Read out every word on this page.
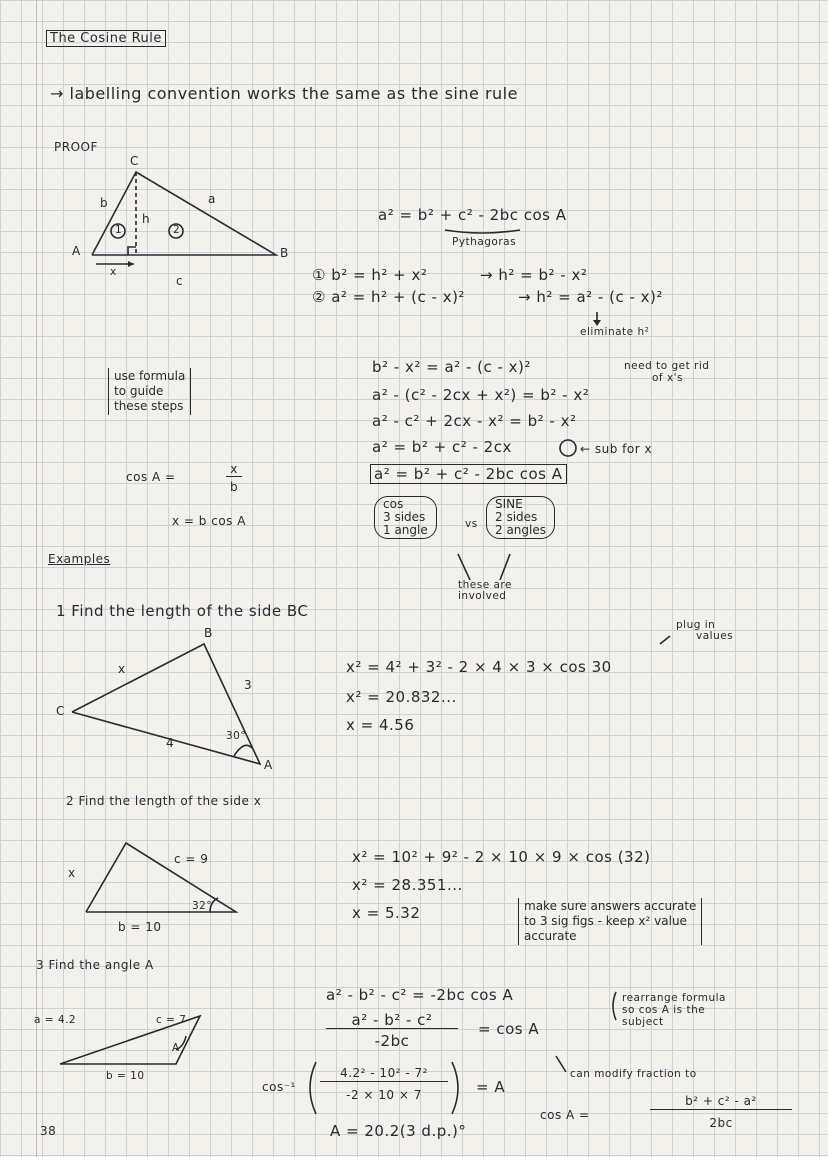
The Cosine Rule
→ labelling convention works the same as the sine rule
PROOF
C
A	B
b	a
c
h
1	2
x
a² = b² + c² - 2bc cos A
Pythagoras
① b² = h² + x²	→ h² = b² - x²
② a² = h² + (c - x)²	→ h² = a² - (c - x)²
eliminate h²
b² - x² = a² - (c - x)²	need to get rid
of x's
a² - (c² - 2cx + x²) = b² - x²
a² - c² + 2cx - x² = b² - x²
a² = b² + c² - 2cx	← sub for x
a² = b² + c² - 2bc cos A
use formula
to guide
these steps
cos A =
x
b
x = b cos A
cos
3 sides
1 angle	vs
SINE
2 sides
2 angles
these are
involved
Examples
1 Find the length of the side BC
B
C
A
3
4	30°
x
plug in
values
x² = 4² + 3² - 2 × 4 × 3 × cos 30
x² = 20.832...
x = 4.56
2 Find the length of the side x
x
c = 9
b = 10
32°
x² = 10² + 9² - 2 × 10 × 9 × cos (32)
x² = 28.351...
x = 5.32	make sure answers accurate
to 3 sig figs - keep x² value
accurate
3 Find the angle A
a = 4.2	c = 7
b = 10
A
a² - b² - c² = -2bc cos A
a² - b² - c²
-2bc
= cos A
cos⁻¹
4.2² - 10² - 7²
-2 × 10 × 7	= A
A = 20.2(3 d.p.)°
rearrange formula
so cos A is the
subject
can modify fraction to
cos A =
b² + c² - a²
2bc
38
